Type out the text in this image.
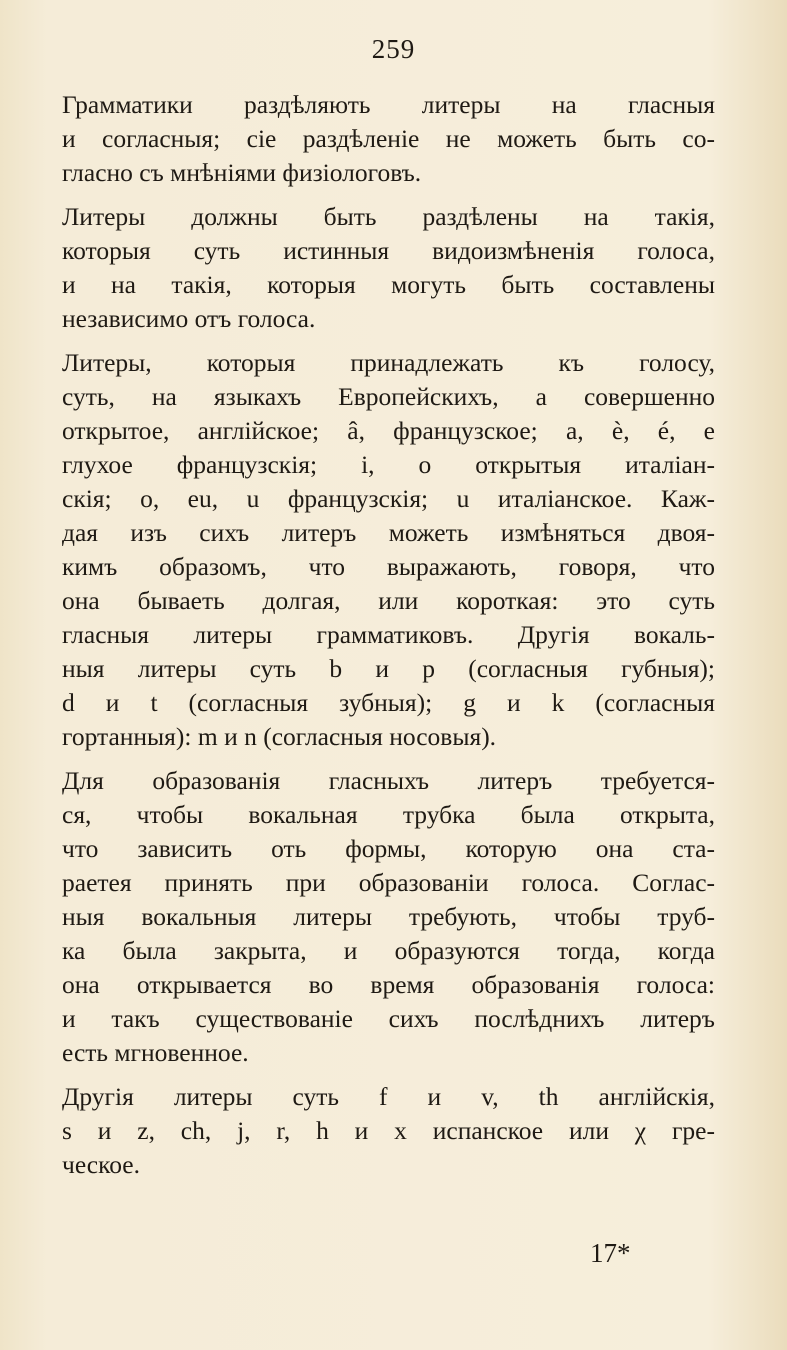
259
Грамматики раздѣляють литеры на гласныя
и согласныя; сіе раздѣленіе не можеть быть со-
гласно съ мнѣніями физіологовъ.
Литеры должны быть раздѣлены на такія,
которыя суть истинныя видоизмѣненія голоса,
и на такія, которыя могуть быть составлены
независимо отъ голоса.
Литеры, которыя принадлежать къ голосу,
суть, на языкахъ Европейскихъ, a совершенно
открытое, англійское; â, французское; a, è, é, e
глухое французскія; i, o открытыя италіан-
скія; o, eu, u французскія; u италіанское. Каж-
дая изъ сихъ литеръ можеть измѣняться двоя-
кимъ образомъ, что выражають, говоря, что
она бываеть долгая, или короткая: это суть
гласныя литеры грамматиковъ. Другія вокаль-
ныя литеры суть b и p (согласныя губныя);
d и t (согласныя зубныя); g и k (согласныя
гортанныя): m и n (согласныя носовыя).
Для образованія гласныхъ литеръ требуется-
ся, чтобы вокальная трубка была открыта,
что зависить оть формы, которую она ста-
раетея принять при образованіи голоса. Соглас-
ныя вокальныя литеры требують, чтобы труб-
ка была закрыта, и образуются тогда, когда
она открывается во время образованія голоса:
и такъ существованіе сихъ послѣднихъ литеръ
есть мгновенное.
Другія литеры суть f и v, th англійскія,
s и z, ch, j, r, h и x испанское или χ гре-
ческое.
17*
